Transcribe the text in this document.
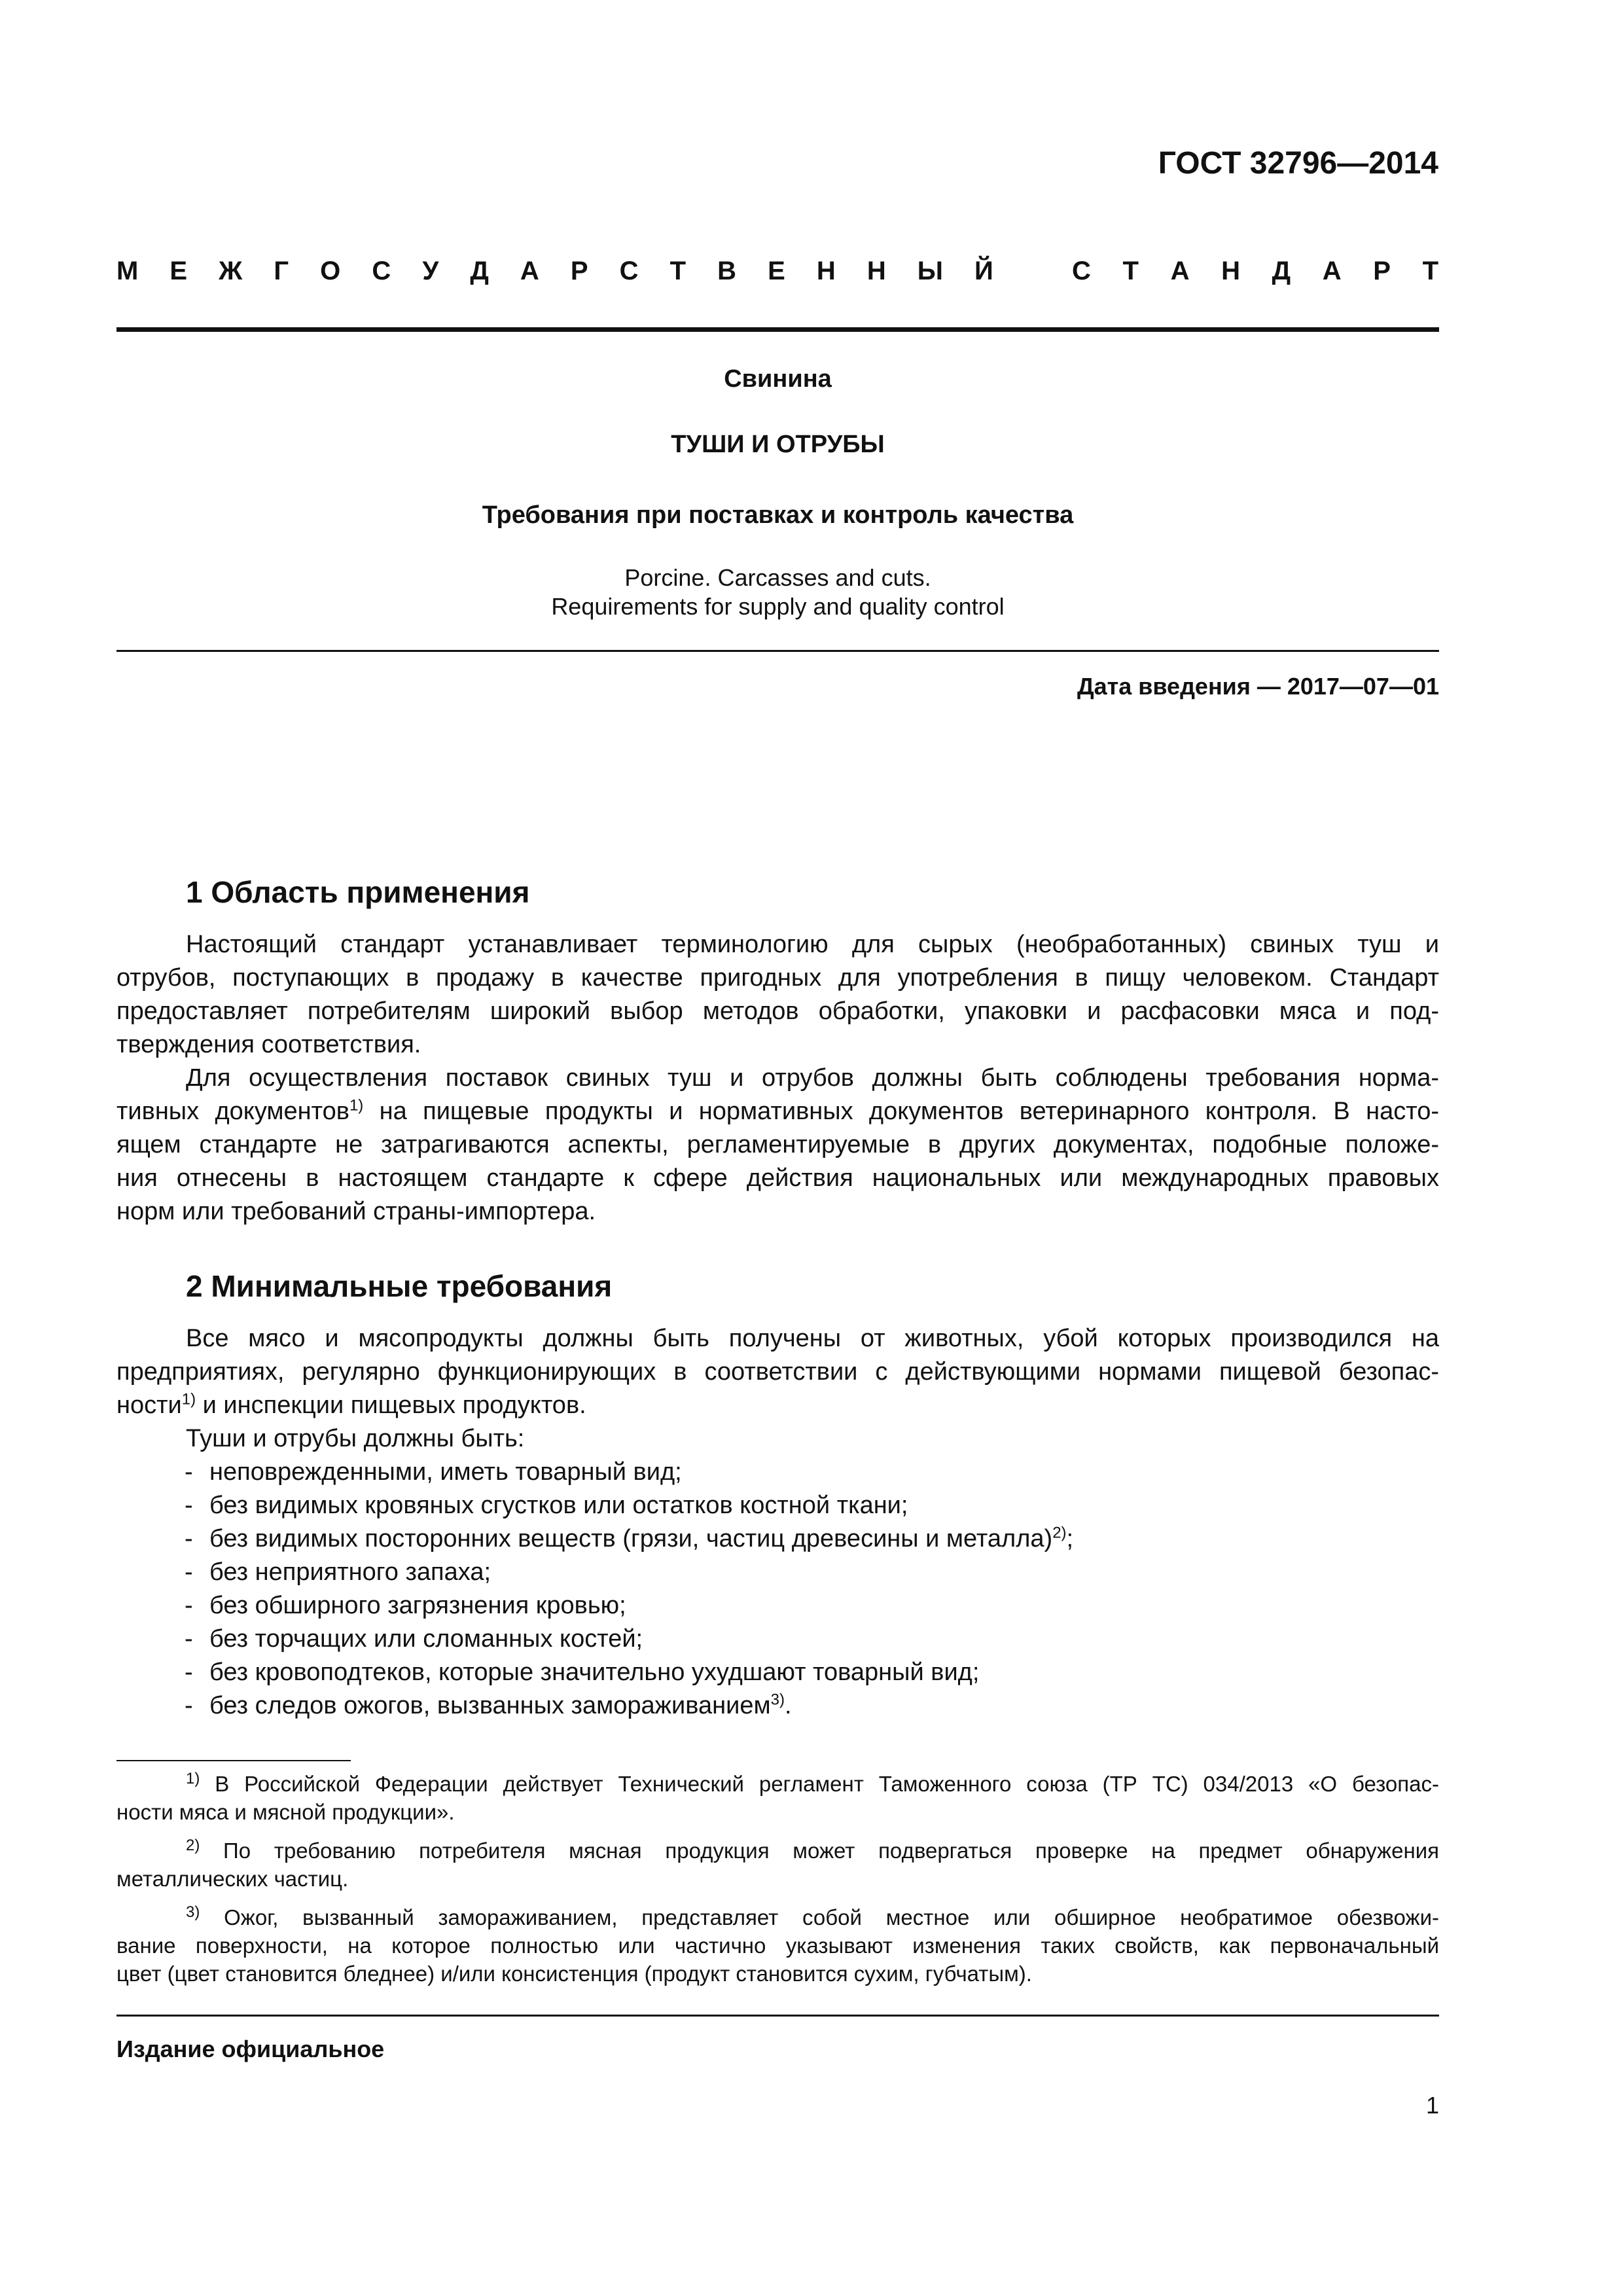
ГОСТ 32796—2014
М Е Ж Г О С У Д А Р С Т В Е Н Н Ы Й	С Т А Н Д А Р Т
Свинина
ТУШИ И ОТРУБЫ
Требования при поставках и контроль качества
Porcine. Carcasses and cuts.
Requirements for supply and quality control
Дата введения — 2017—07—01
1 Область применения
Настоящий стандарт устанавливает терминологию для сырых (необработанных) свиных туш и
отрубов, поступающих в продажу в качестве пригодных для употребления в пищу человеком. Стандарт
предоставляет потребителям широкий выбор методов обработки, упаковки и расфасовки мяса и под-
тверждения соответствия.
Для осуществления поставок свиных туш и отрубов должны быть соблюдены требования норма-
тивных документов$^{1)}$ на пищевые продукты и нормативных документов ветеринарного контроля. В насто-
ящем стандарте не затрагиваются аспекты, регламентируемые в других документах, подобные положе-
ния отнесены в настоящем стандарте к сфере действия национальных или международных правовых
норм или требований страны-импортера.
2 Минимальные требования
Все мясо и мясопродукты должны быть получены от животных, убой которых производился на
предприятиях, регулярно функционирующих в соответствии с действующими нормами пищевой безопас-
ности$^{1)}$ и инспекции пищевых продуктов.
Туши и отрубы должны быть:
- неповрежденными, иметь товарный вид;
- без видимых кровяных сгустков или остатков костной ткани;
- без видимых посторонних веществ (грязи, частиц древесины и металла)$^{2)}$;
- без неприятного запаха;
- без обширного загрязнения кровью;
- без торчащих или сломанных костей;
- без кровоподтеков, которые значительно ухудшают товарный вид;
- без следов ожогов, вызванных замораживанием$^{3)}$.
$^{1)}$ В Российской Федерации действует Технический регламент Таможенного союза (ТР ТС) 034/2013 «О безопас-
ности мяса и мясной продукции».
$^{2)}$ По требованию потребителя мясная продукция может подвергаться проверке на предмет обнаружения
металлических частиц.
$^{3)}$ Ожог, вызванный замораживанием, представляет собой местное или обширное необратимое обезвожи-
вание поверхности, на которое полностью или частично указывают изменения таких свойств, как первоначальный
цвет (цвет становится бледнее) и/или консистенция (продукт становится сухим, губчатым).
Издание официальное
1
